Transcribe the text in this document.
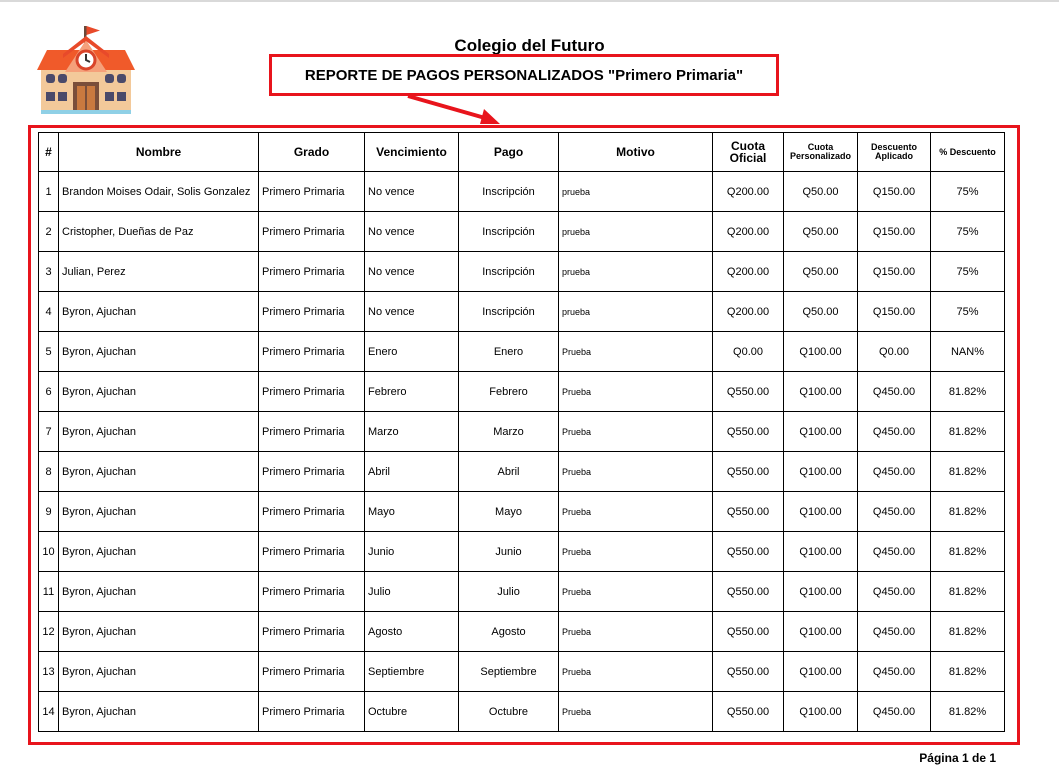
Colegio del Futuro
REPORTE DE PAGOS PERSONALIZADOS "Primero Primaria"
#	Nombre	Grado	Vencimiento	Pago	Motivo	Cuota Oficial	Cuota Personalizado	Descuento Aplicado	% Descuento
1	Brandon Moises Odair, Solis Gonzalez	Primero Primaria	No vence	Inscripción	prueba	Q200.00	Q50.00	Q150.00	75%
2	Cristopher, Dueñas de Paz	Primero Primaria	No vence	Inscripción	prueba	Q200.00	Q50.00	Q150.00	75%
3	Julian, Perez	Primero Primaria	No vence	Inscripción	prueba	Q200.00	Q50.00	Q150.00	75%
4	Byron, Ajuchan	Primero Primaria	No vence	Inscripción	prueba	Q200.00	Q50.00	Q150.00	75%
5	Byron, Ajuchan	Primero Primaria	Enero	Enero	Prueba	Q0.00	Q100.00	Q0.00	NAN%
6	Byron, Ajuchan	Primero Primaria	Febrero	Febrero	Prueba	Q550.00	Q100.00	Q450.00	81.82%
7	Byron, Ajuchan	Primero Primaria	Marzo	Marzo	Prueba	Q550.00	Q100.00	Q450.00	81.82%
8	Byron, Ajuchan	Primero Primaria	Abril	Abril	Prueba	Q550.00	Q100.00	Q450.00	81.82%
9	Byron, Ajuchan	Primero Primaria	Mayo	Mayo	Prueba	Q550.00	Q100.00	Q450.00	81.82%
10	Byron, Ajuchan	Primero Primaria	Junio	Junio	Prueba	Q550.00	Q100.00	Q450.00	81.82%
11	Byron, Ajuchan	Primero Primaria	Julio	Julio	Prueba	Q550.00	Q100.00	Q450.00	81.82%
12	Byron, Ajuchan	Primero Primaria	Agosto	Agosto	Prueba	Q550.00	Q100.00	Q450.00	81.82%
13	Byron, Ajuchan	Primero Primaria	Septiembre	Septiembre	Prueba	Q550.00	Q100.00	Q450.00	81.82%
14	Byron, Ajuchan	Primero Primaria	Octubre	Octubre	Prueba	Q550.00	Q100.00	Q450.00	81.82%
Página 1 de 1
